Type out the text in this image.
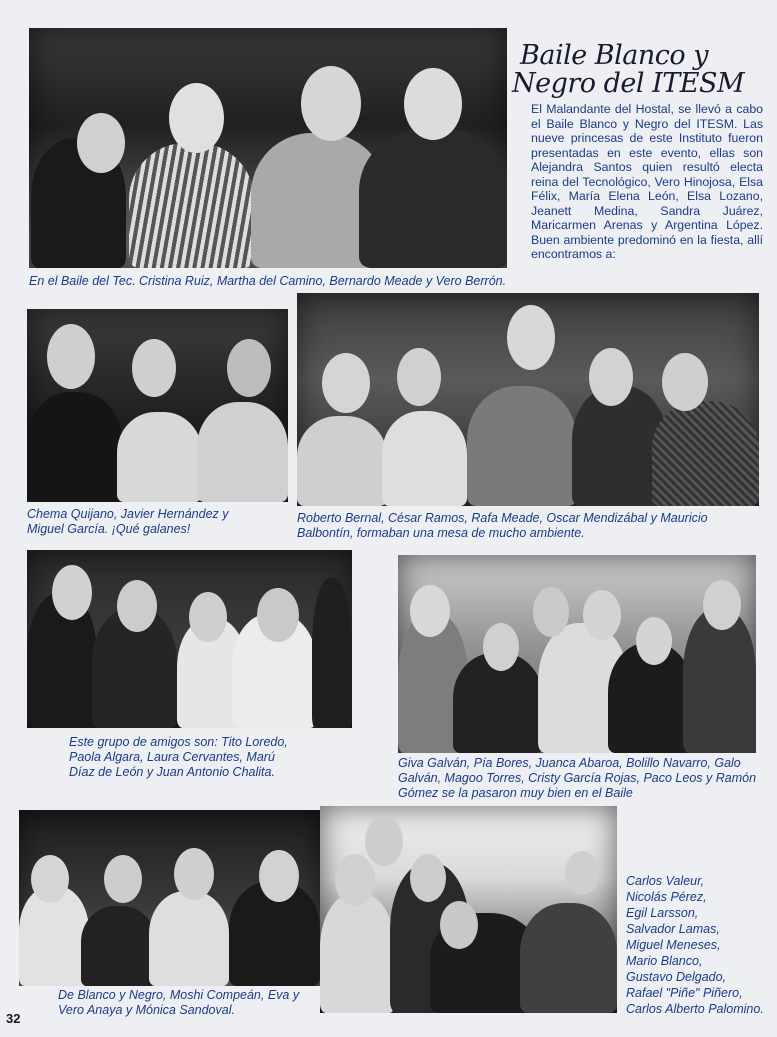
En el Baile del Tec. Cristina Ruiz, Martha del Camino, Bernardo Meade y Vero Berrón.
Baile Blanco y
Negro del ITESM
El Malandante del Hostal, se llevó a cabo el Baile Blanco y Negro del ITESM. Las nueve princesas de este Instituto fueron presentadas en este evento, ellas son Alejandra Santos quien resultó electa reina del Tecnológico, Vero Hinojosa, Elsa Félix, María Elena León, Elsa Lozano, Jeanett Medina, Sandra Juárez, Maricarmen Arenas y Argentina López. Buen ambiente predominó en la fiesta, allí encontramos a:
Chema Quijano, Javier Hernández y Miguel García. ¡Qué galanes!
Roberto Bernal, César Ramos, Rafa Meade, Oscar Mendizábal y Mauricio Balbontín, formaban una mesa de mucho ambiente.
Este grupo de amigos son: Tito Loredo, Paola Algara, Laura Cervantes, Marú Díaz de León y Juan Antonio Chalita.
Giva Galván, Pía Bores, Juanca Abaroa, Bolillo Navarro, Galo Galván, Magoo Torres, Cristy García Rojas, Paco Leos y Ramón Gómez se la pasaron muy bien en el Baile
De Blanco y Negro, Moshi Compeán, Eva y Vero Anaya y Mónica Sandoval.
Carlos Valeur,
Nicolás Pérez,
Egil Larsson,
Salvador Lamas,
Miguel Meneses,
Mario Blanco,
Gustavo Delgado,
Rafael "Piñe" Piñero,
Carlos Alberto Palomino.
32
